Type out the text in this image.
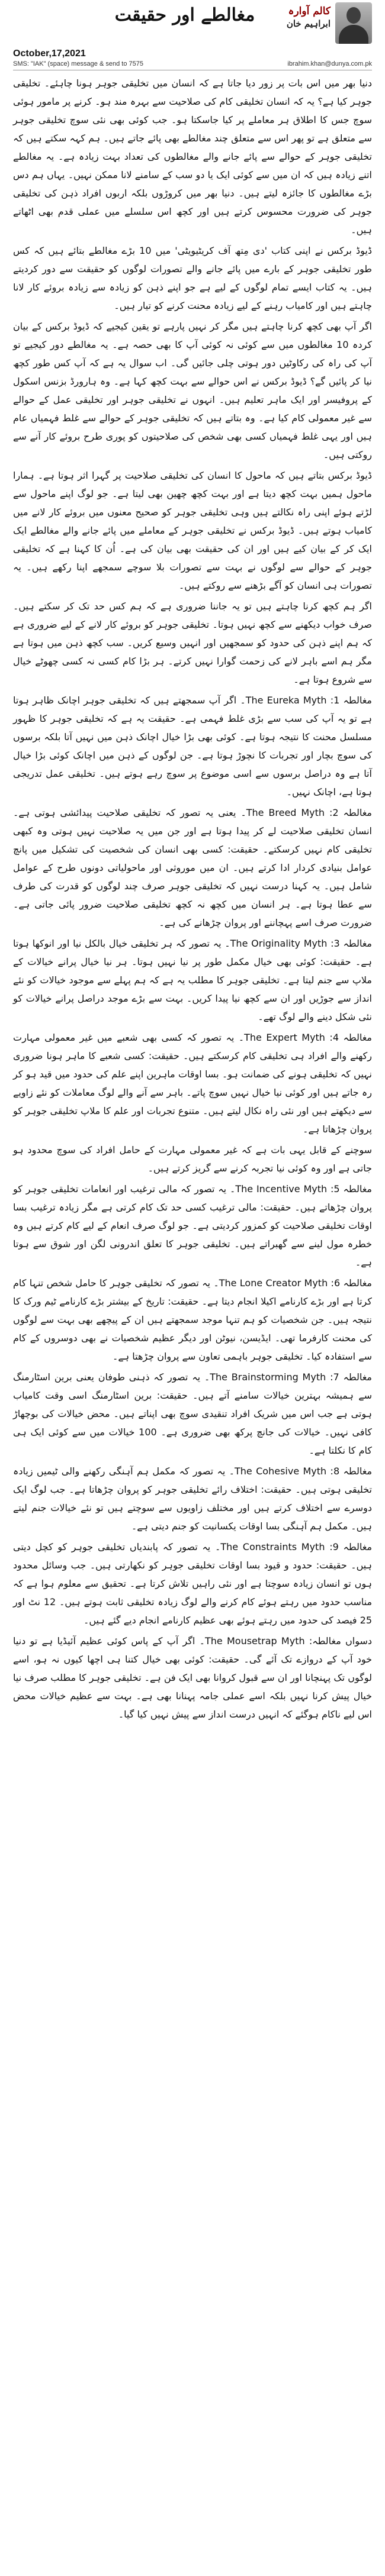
مغالطے اور حقیقت	کالم آوارہ
ابراہیم خان
October,17,2021
SMS: "IAK" (space) message & send to 7575	ibrahim.khan@dunya.com.pk

دنیا بھر میں اس بات پر زور دیا جاتا ہے کہ انسان میں تخلیقی جوہر ہونا چاہئے۔ تخلیقی جوہر کیا ہے؟ یہ کہ انسان تخلیقی کام کی صلاحیت سے بہرہ مند ہو۔ کرنے پر مامور ہوئی سوچ جس کا اطلاق ہر معاملے پر کیا جاسکتا ہو۔ جب کوئی بھی نئی سوچ تخلیقی جوہر سے متعلق ہے تو پھر اس سے متعلق چند مغالطے بھی پائے جاتے ہیں۔ ہم کہہ سکتے ہیں کہ تخلیقی جوہر کے حوالے سے پائے جانے والے مغالطوں کی تعداد بہت زیادہ ہے۔ یہ مغالطے اتنے زیادہ ہیں کہ ان میں سے کوئی ایک یا دو سب کے سامنے لانا ممکن نہیں۔ یہاں ہم دس بڑے مغالطوں کا جائزہ لیتے ہیں۔ دنیا بھر میں کروڑوں بلکہ اربوں افراد ذہن کی تخلیقی جوہر کی ضرورت محسوس کرتے ہیں اور کچھ اس سلسلے میں عملی قدم بھی اٹھاتے ہیں۔

ڈیوڈ برکس نے اپنی کتاب 'دی مِتھ آف کریٹیویٹی' میں 10 بڑے مغالطے بتائے ہیں کہ کس طور تخلیقی جوہر کے بارے میں پائے جانے والے تصورات لوگوں کو حقیقت سے دور کردیتے ہیں۔ یہ کتاب ایسے تمام لوگوں کے لیے ہے جو اپنے ذہن کو زیادہ سے زیادہ بروئے کار لانا چاہتے ہیں اور کامیاب رہنے کے لیے زیادہ محنت کرنے کو تیار ہیں۔

اگر آپ بھی کچھ کرنا چاہتے ہیں مگر کر نہیں پارہے تو یقین کیجیے کہ ڈیوڈ برکس کے بیان کردہ 10 مغالطوں میں سے کوئی نہ کوئی آپ کا بھی حصہ ہے۔ یہ مغالطے دور کیجیے تو آپ کی راہ کی رکاوٹیں دور ہوتی چلی جائیں گی۔ اب سوال یہ ہے کہ آپ کس طور کچھ نیا کر پائیں گے؟ ڈیوڈ برکس نے اس حوالے سے بہت کچھ کہا ہے۔ وہ ہارورڈ بزنس اسکول کے پروفیسر اور ایک ماہر تعلیم ہیں۔ انہوں نے تخلیقی جوہر اور تخلیقی عمل کے حوالے سے غیر معمولی کام کیا ہے۔ وہ بتاتے ہیں کہ تخلیقی جوہر کے حوالے سے غلط فہمیاں عام ہیں اور یہی غلط فہمیاں کسی بھی شخص کی صلاحیتوں کو پوری طرح بروئے کار آنے سے روکتی ہیں۔

ڈیوڈ برکس بتاتے ہیں کہ ماحول کا انسان کی تخلیقی صلاحیت پر گہرا اثر ہوتا ہے۔ ہمارا ماحول ہمیں بہت کچھ دیتا ہے اور بہت کچھ چھین بھی لیتا ہے۔ جو لوگ اپنے ماحول سے لڑتے ہوئے اپنی راہ نکالتے ہیں وہی تخلیقی جوہر کو صحیح معنوں میں بروئے کار لانے میں کامیاب ہوتے ہیں۔ ڈیوڈ برکس نے تخلیقی جوہر کے معاملے میں پائے جانے والے مغالطے ایک ایک کر کے بیان کیے ہیں اور ان کی حقیقت بھی بیان کی ہے۔ اُن کا کہنا ہے کہ تخلیقی جوہر کے حوالے سے لوگوں نے بہت سے تصورات بلا سوچے سمجھے اپنا رکھے ہیں۔ یہ تصورات ہی انسان کو آگے بڑھنے سے روکتے ہیں۔

اگر ہم کچھ کرنا چاہتے ہیں تو یہ جاننا ضروری ہے کہ ہم کس حد تک کر سکتے ہیں۔ صرف خواب دیکھنے سے کچھ نہیں ہوتا۔ تخلیقی جوہر کو بروئے کار لانے کے لیے ضروری ہے کہ ہم اپنے ذہن کی حدود کو سمجھیں اور انہیں وسیع کریں۔ سب کچھ ذہن میں ہوتا ہے مگر ہم اسے باہر لانے کی زحمت گوارا نہیں کرتے۔ ہر بڑا کام کسی نہ کسی چھوٹے خیال سے شروع ہوتا ہے۔

مغالطہ 1: The Eureka Myth۔ اگر آپ سمجھتے ہیں کہ تخلیقی جوہر اچانک ظاہر ہوتا ہے تو یہ آپ کی سب سے بڑی غلط فہمی ہے۔ حقیقت یہ ہے کہ تخلیقی جوہر کا ظہور مسلسل محنت کا نتیجہ ہوتا ہے۔ کوئی بھی بڑا خیال اچانک ذہن میں نہیں آتا بلکہ برسوں کی سوچ بچار اور تجربات کا نچوڑ ہوتا ہے۔ جن لوگوں کے ذہن میں اچانک کوئی بڑا خیال آتا ہے وہ دراصل برسوں سے اسی موضوع پر سوچ رہے ہوتے ہیں۔ تخلیقی عمل تدریجی ہوتا ہے، اچانک نہیں۔

مغالطہ 2: The Breed Myth۔ یعنی یہ تصور کہ تخلیقی صلاحیت پیدائشی ہوتی ہے۔ انسان تخلیقی صلاحیت لے کر پیدا ہوتا ہے اور جن میں یہ صلاحیت نہیں ہوتی وہ کبھی تخلیقی کام نہیں کرسکتے۔ حقیقت: کسی بھی انسان کی شخصیت کی تشکیل میں پانچ عوامل بنیادی کردار ادا کرتے ہیں۔ ان میں موروثی اور ماحولیاتی دونوں طرح کے عوامل شامل ہیں۔ یہ کہنا درست نہیں کہ تخلیقی جوہر صرف چند لوگوں کو قدرت کی طرف سے عطا ہوتا ہے۔ ہر انسان میں کچھ نہ کچھ تخلیقی صلاحیت ضرور پائی جاتی ہے۔ ضرورت صرف اسے پہچاننے اور پروان چڑھانے کی ہے۔

مغالطہ 3: The Originality Myth۔ یہ تصور کہ ہر تخلیقی خیال بالکل نیا اور انوکھا ہوتا ہے۔ حقیقت: کوئی بھی خیال مکمل طور پر نیا نہیں ہوتا۔ ہر نیا خیال پرانے خیالات کے ملاپ سے جنم لیتا ہے۔ تخلیقی جوہر کا مطلب یہ ہے کہ ہم پہلے سے موجود خیالات کو نئے انداز سے جوڑیں اور ان سے کچھ نیا پیدا کریں۔ بہت سے بڑے موجد دراصل پرانے خیالات کو نئی شکل دینے والے لوگ تھے۔

مغالطہ 4: The Expert Myth۔ یہ تصور کہ کسی بھی شعبے میں غیر معمولی مہارت رکھنے والے افراد ہی تخلیقی کام کرسکتے ہیں۔ حقیقت: کسی شعبے کا ماہر ہونا ضروری نہیں کہ تخلیقی ہونے کی ضمانت ہو۔ بسا اوقات ماہرین اپنے علم کی حدود میں قید ہو کر رہ جاتے ہیں اور کوئی نیا خیال نہیں سوچ پاتے۔ باہر سے آنے والے لوگ معاملات کو نئے زاویے سے دیکھتے ہیں اور نئی راہ نکال لیتے ہیں۔ متنوع تجربات اور علم کا ملاپ تخلیقی جوہر کو پروان چڑھاتا ہے۔

سوچنے کے قابل یہی بات ہے کہ غیر معمولی مہارت کے حامل افراد کی سوچ محدود ہو جاتی ہے اور وہ کوئی نیا تجربہ کرنے سے گریز کرتے ہیں۔

مغالطہ 5: The Incentive Myth۔ یہ تصور کہ مالی ترغیب اور انعامات تخلیقی جوہر کو پروان چڑھاتے ہیں۔ حقیقت: مالی ترغیب کسی حد تک کام کرتی ہے مگر زیادہ ترغیب بسا اوقات تخلیقی صلاحیت کو کمزور کردیتی ہے۔ جو لوگ صرف انعام کے لیے کام کرتے ہیں وہ خطرہ مول لینے سے گھبراتے ہیں۔ تخلیقی جوہر کا تعلق اندرونی لگن اور شوق سے ہوتا ہے۔

مغالطہ 6: The Lone Creator Myth۔ یہ تصور کہ تخلیقی جوہر کا حامل شخص تنہا کام کرتا ہے اور بڑے کارنامے اکیلا انجام دیتا ہے۔ حقیقت: تاریخ کے بیشتر بڑے کارنامے ٹیم ورک کا نتیجہ ہیں۔ جن شخصیات کو ہم تنہا موجد سمجھتے ہیں ان کے پیچھے بھی بہت سے لوگوں کی محنت کارفرما تھی۔ ایڈیسن، نیوٹن اور دیگر عظیم شخصیات نے بھی دوسروں کے کام سے استفادہ کیا۔ تخلیقی جوہر باہمی تعاون سے پروان چڑھتا ہے۔

مغالطہ 7: The Brainstorming Myth۔ یہ تصور کہ ذہنی طوفان یعنی برین اسٹارمنگ سے ہمیشہ بہترین خیالات سامنے آتے ہیں۔ حقیقت: برین اسٹارمنگ اسی وقت کامیاب ہوتی ہے جب اس میں شریک افراد تنقیدی سوچ بھی اپناتے ہیں۔ محض خیالات کی بوچھاڑ کافی نہیں۔ خیالات کی جانچ پرکھ بھی ضروری ہے۔ 100 خیالات میں سے کوئی ایک ہی کام کا نکلتا ہے۔

مغالطہ 8: The Cohesive Myth۔ یہ تصور کہ مکمل ہم آہنگی رکھنے والی ٹیمیں زیادہ تخلیقی ہوتی ہیں۔ حقیقت: اختلاف رائے تخلیقی جوہر کو پروان چڑھاتا ہے۔ جب لوگ ایک دوسرے سے اختلاف کرتے ہیں اور مختلف زاویوں سے سوچتے ہیں تو نئے خیالات جنم لیتے ہیں۔ مکمل ہم آہنگی بسا اوقات یکسانیت کو جنم دیتی ہے۔

مغالطہ 9: The Constraints Myth۔ یہ تصور کہ پابندیاں تخلیقی جوہر کو کچل دیتی ہیں۔ حقیقت: حدود و قیود بسا اوقات تخلیقی جوہر کو نکھارتی ہیں۔ جب وسائل محدود ہوں تو انسان زیادہ سوچتا ہے اور نئی راہیں تلاش کرتا ہے۔ تحقیق سے معلوم ہوا ہے کہ مناسب حدود میں رہتے ہوئے کام کرنے والے لوگ زیادہ تخلیقی ثابت ہوتے ہیں۔ 12 نٹ اور 25 فیصد کی حدود میں رہتے ہوئے بھی عظیم کارنامے انجام دیے گئے ہیں۔

دسواں مغالطہ: The Mousetrap Myth۔ اگر آپ کے پاس کوئی عظیم آئیڈیا ہے تو دنیا خود آپ کے دروازے تک آئے گی۔ حقیقت: کوئی بھی خیال کتنا ہی اچھا کیوں نہ ہو، اسے لوگوں تک پہنچانا اور ان سے قبول کروانا بھی ایک فن ہے۔ تخلیقی جوہر کا مطلب صرف نیا خیال پیش کرنا نہیں بلکہ اسے عملی جامہ پہنانا بھی ہے۔ بہت سے عظیم خیالات محض اس لیے ناکام ہوگئے کہ انہیں درست انداز سے پیش نہیں کیا گیا۔
